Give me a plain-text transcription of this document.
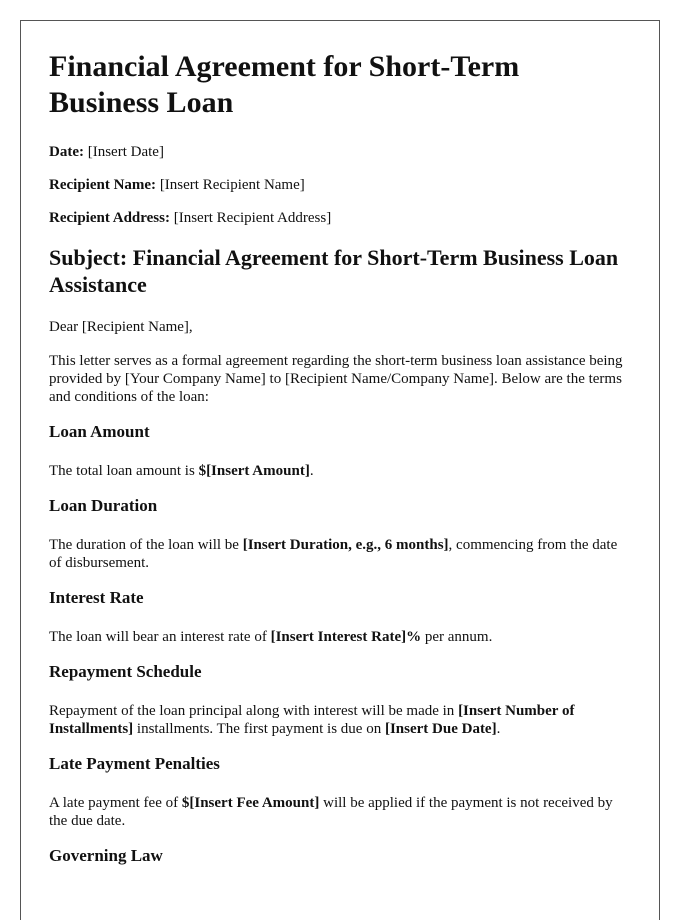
Financial Agreement for Short-Term Business Loan
Date: [Insert Date]
Recipient Name: [Insert Recipient Name]
Recipient Address: [Insert Recipient Address]
Subject: Financial Agreement for Short-Term Business Loan Assistance

Dear [Recipient Name],

This letter serves as a formal agreement regarding the short-term business loan assistance being provided by [Your Company Name] to [Recipient Name/Company Name]. Below are the terms and conditions of the loan:

Loan Amount

The total loan amount is $[Insert Amount].

Loan Duration

The duration of the loan will be [Insert Duration, e.g., 6 months], commencing from the date of disbursement.

Interest Rate

The loan will bear an interest rate of [Insert Interest Rate]% per annum.

Repayment Schedule

Repayment of the loan principal along with interest will be made in [Insert Number of Installments] installments. The first payment is due on [Insert Due Date].

Late Payment Penalties

A late payment fee of $[Insert Fee Amount] will be applied if the payment is not received by the due date.

Governing Law
